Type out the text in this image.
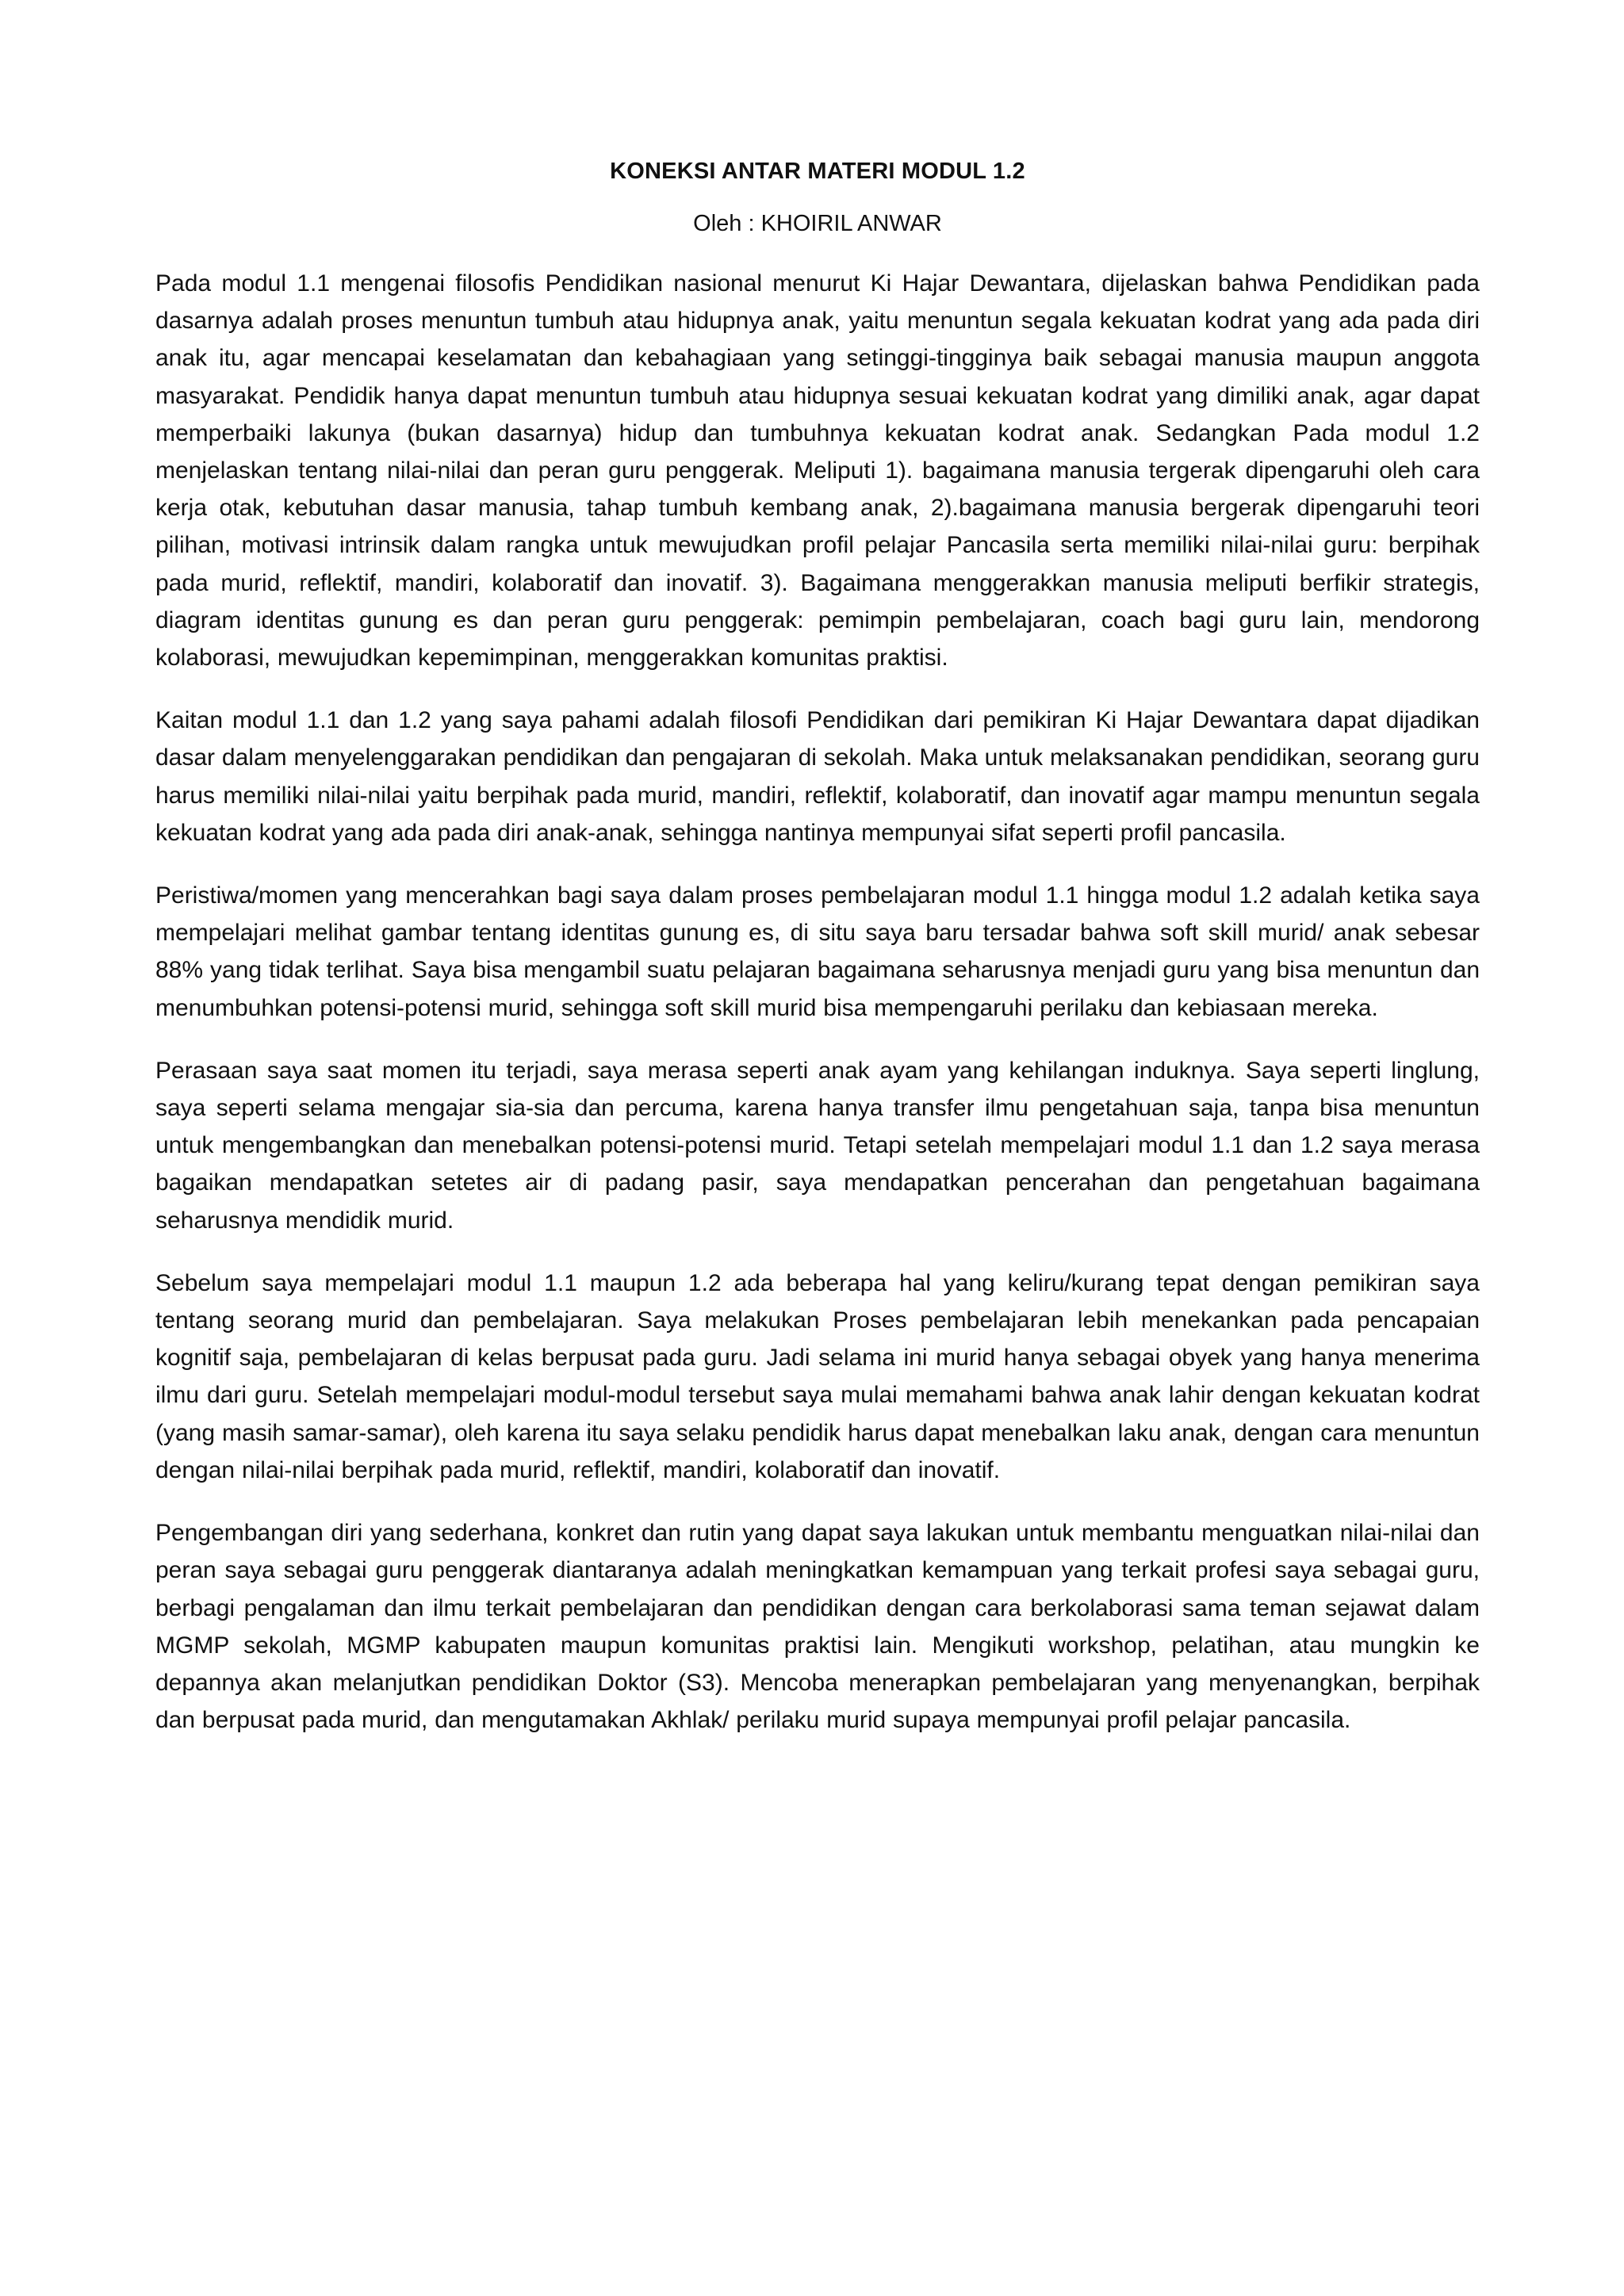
KONEKSI ANTAR MATERI MODUL 1.2
Oleh : KHOIRIL ANWAR

Pada modul 1.1 mengenai filosofis Pendidikan nasional menurut Ki Hajar Dewantara, dijelaskan bahwa Pendidikan pada dasarnya adalah proses menuntun tumbuh atau hidupnya anak, yaitu menuntun segala kekuatan kodrat yang ada pada diri anak itu, agar mencapai keselamatan dan kebahagiaan yang setinggi-tingginya baik sebagai manusia maupun anggota masyarakat. Pendidik hanya dapat menuntun tumbuh atau hidupnya sesuai kekuatan kodrat yang dimiliki anak, agar dapat memperbaiki lakunya (bukan dasarnya) hidup dan tumbuhnya kekuatan kodrat anak. Sedangkan Pada modul 1.2 menjelaskan tentang nilai-nilai dan peran guru penggerak. Meliputi 1). bagaimana manusia tergerak dipengaruhi oleh cara kerja otak, kebutuhan dasar manusia, tahap tumbuh kembang anak, 2).bagaimana manusia bergerak dipengaruhi teori pilihan, motivasi intrinsik dalam rangka untuk mewujudkan profil pelajar Pancasila serta memiliki nilai-nilai guru: berpihak pada murid, reflektif, mandiri, kolaboratif dan inovatif. 3). Bagaimana menggerakkan manusia meliputi berfikir strategis, diagram identitas gunung es dan peran guru penggerak: pemimpin pembelajaran, coach bagi guru lain, mendorong kolaborasi, mewujudkan kepemimpinan, menggerakkan komunitas praktisi.

Kaitan modul 1.1 dan 1.2 yang saya pahami adalah filosofi Pendidikan dari pemikiran Ki Hajar Dewantara dapat dijadikan dasar dalam menyelenggarakan pendidikan dan pengajaran di sekolah. Maka untuk melaksanakan pendidikan, seorang guru harus memiliki nilai-nilai yaitu berpihak pada murid, mandiri, reflektif, kolaboratif, dan inovatif agar mampu menuntun segala kekuatan kodrat yang ada pada diri anak-anak, sehingga nantinya mempunyai sifat seperti profil pancasila.

Peristiwa/momen yang mencerahkan bagi saya dalam proses pembelajaran modul 1.1 hingga modul 1.2 adalah ketika saya mempelajari melihat gambar tentang identitas gunung es, di situ saya baru tersadar bahwa soft skill murid/ anak sebesar 88% yang tidak terlihat. Saya bisa mengambil suatu pelajaran bagaimana seharusnya menjadi guru yang bisa menuntun dan menumbuhkan potensi-potensi murid, sehingga soft skill murid bisa mempengaruhi perilaku dan kebiasaan mereka.

Perasaan saya saat momen itu terjadi, saya merasa seperti anak ayam yang kehilangan induknya. Saya seperti linglung, saya seperti selama mengajar sia-sia dan percuma, karena hanya transfer ilmu pengetahuan saja, tanpa bisa menuntun untuk mengembangkan dan menebalkan potensi-potensi murid. Tetapi setelah mempelajari modul 1.1 dan 1.2 saya merasa bagaikan mendapatkan setetes air di padang pasir, saya mendapatkan pencerahan dan pengetahuan bagaimana seharusnya mendidik murid.

Sebelum saya mempelajari modul 1.1 maupun 1.2 ada beberapa hal yang keliru/kurang tepat dengan pemikiran saya tentang seorang murid dan pembelajaran. Saya melakukan Proses pembelajaran lebih menekankan pada pencapaian kognitif saja, pembelajaran di kelas berpusat pada guru. Jadi selama ini murid hanya sebagai obyek yang hanya menerima ilmu dari guru. Setelah mempelajari modul-modul tersebut saya mulai memahami bahwa anak lahir dengan kekuatan kodrat (yang masih samar-samar), oleh karena itu saya selaku pendidik harus dapat menebalkan laku anak, dengan cara menuntun dengan nilai-nilai berpihak pada murid, reflektif, mandiri, kolaboratif dan inovatif.

Pengembangan diri yang sederhana, konkret dan rutin yang dapat saya lakukan untuk membantu menguatkan nilai-nilai dan peran saya sebagai guru penggerak diantaranya adalah meningkatkan kemampuan yang terkait profesi saya sebagai guru, berbagi pengalaman dan ilmu terkait pembelajaran dan pendidikan dengan cara berkolaborasi sama teman sejawat dalam MGMP sekolah, MGMP kabupaten maupun komunitas praktisi lain. Mengikuti workshop, pelatihan, atau mungkin ke depannya akan melanjutkan pendidikan Doktor (S3). Mencoba menerapkan pembelajaran yang menyenangkan, berpihak dan berpusat pada murid, dan mengutamakan Akhlak/ perilaku murid supaya mempunyai profil pelajar pancasila.
